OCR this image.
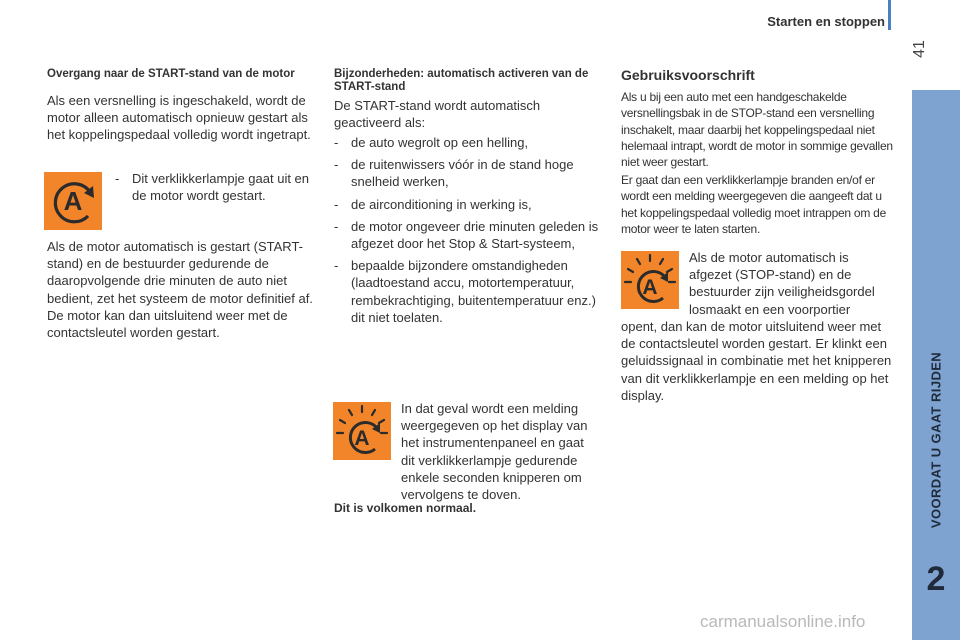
Starten en stoppen
41
VOORDAT U GAAT RIJDEN
2
Overgang naar de START-stand van de motor
Als een versnelling is ingeschakeld, wordt de motor alleen automatisch opnieuw gestart als het koppelingspedaal volledig wordt ingetrapt.
A
- Dit verklikkerlampje gaat uit en de motor wordt gestart.
Als de motor automatisch is gestart (START-stand) en de bestuurder gedurende de daaropvolgende drie minuten de auto niet bedient, zet het systeem de motor definitief af. De motor kan dan uitsluitend weer met de contactsleutel worden gestart.
Bijzonderheden: automatisch activeren van de START-stand
De START-stand wordt automatisch geactiveerd als:
- de auto wegrolt op een helling,
- de ruitenwissers vóór in de stand hoge snelheid werken,
- de airconditioning in werking is,
- de motor ongeveer drie minuten geleden is afgezet door het Stop & Start-systeem,
- bepaalde bijzondere omstandigheden (laadtoestand accu, motortemperatuur, rembekrachtiging, buitentemperatuur enz.) dit niet toelaten.
A
In dat geval wordt een melding weergegeven op het display van het instrumentenpaneel en gaat dit verklikkerlampje gedurende enkele seconden knipperen om vervolgens te doven.
Dit is volkomen normaal.
Gebruiksvoorschrift
Als u bij een auto met een handgeschakelde versnellingsbak in de STOP-stand een versnelling inschakelt, maar daarbij het koppelingspedaal niet helemaal intrapt, wordt de motor in sommige gevallen niet weer gestart.
Er gaat dan een verklikkerlampje branden en/of er wordt een melding weergegeven die aangeeft dat u het koppelingspedaal volledig moet intrappen om de motor weer te laten starten.
A
Als de motor automatisch is afgezet (STOP-stand) en de bestuurder zijn veiligheidsgordel losmaakt en een voorportier
opent, dan kan de motor uitsluitend weer met de contactsleutel worden gestart. Er klinkt een geluidssignaal in combinatie met het knipperen van dit verklikkerlampje en een melding op het display.
carmanualsonline.info
